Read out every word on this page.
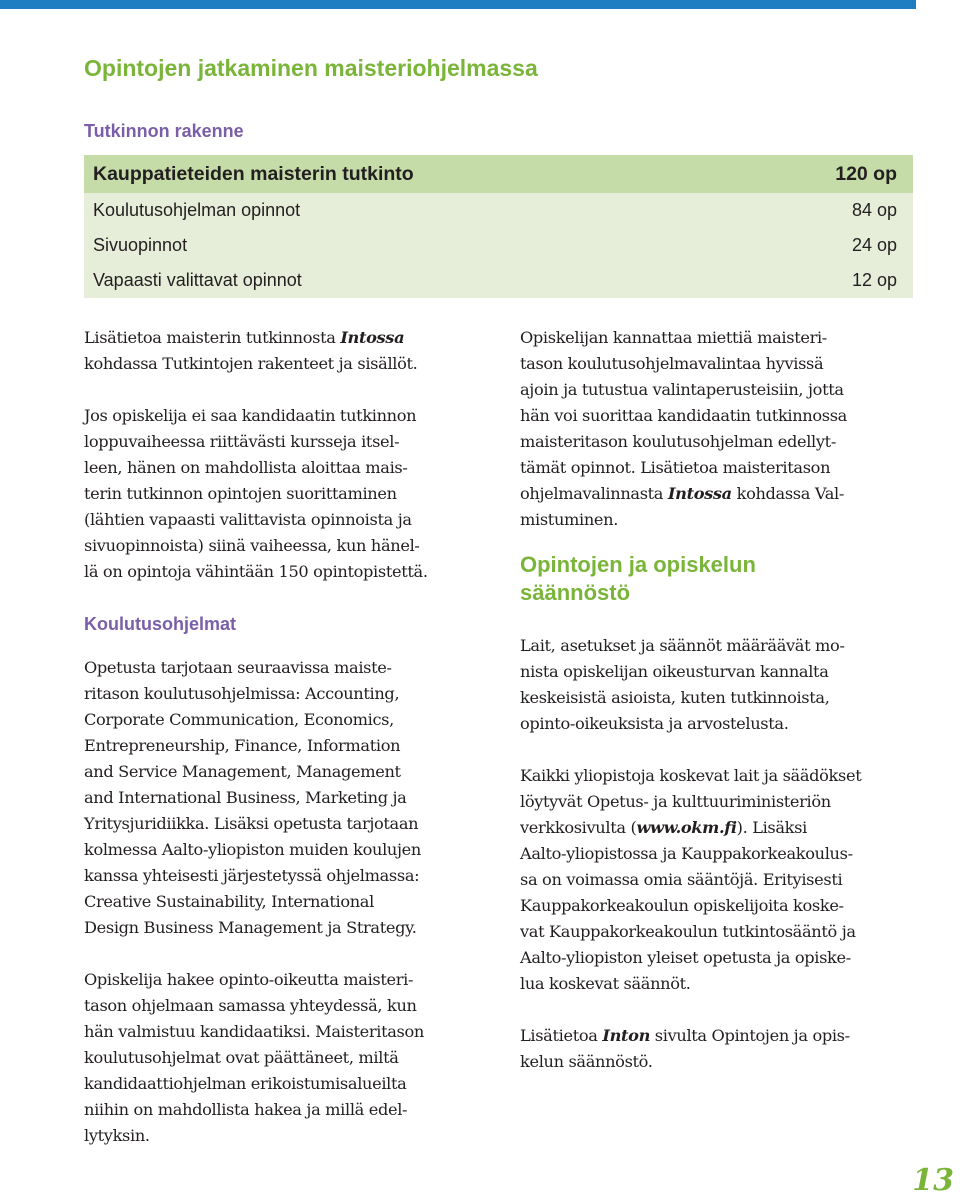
Opintojen jatkaminen maisteriohjelmassa
Tutkinnon rakenne
Kauppatieteiden maisterin tutkinto	120 op
Koulutusohjelman opinnot	84 op
Sivuopinnot	24 op
Vapaasti valittavat opinnot	12 op

Lisätietoa maisterin tutkinnosta Intossa
kohdassa Tutkintojen rakenteet ja sisällöt.

Jos opiskelija ei saa kandidaatin tutkinnon
loppuvaiheessa riittävästi kursseja itsel-
leen, hänen on mahdollista aloittaa mais-
terin tutkinnon opintojen suorittaminen
(lähtien vapaasti valittavista opinnoista ja
sivuopinnoista) siinä vaiheessa, kun hänel-
lä on opintoja vähintään 150 opintopistettä.

Koulutusohjelmat

Opetusta tarjotaan seuraavissa maiste-
ritason koulutusohjelmissa: Accounting,
Corporate Communication, Economics,
Entrepreneurship, Finance, Information
and Service Management, Management
and International Business, Marketing ja
Yritysjuridiikka. Lisäksi opetusta tarjotaan
kolmessa Aalto-yliopiston muiden koulujen
kanssa yhteisesti järjestetyssä ohjelmassa:
Creative Sustainability, International
Design Business Management ja Strategy.

Opiskelija hakee opinto-oikeutta maisteri-
tason ohjelmaan samassa yhteydessä, kun
hän valmistuu kandidaatiksi. Maisteritason
koulutusohjelmat ovat päättäneet, miltä
kandidaattiohjelman erikoistumisalueilta
niihin on mahdollista hakea ja millä edel-
lytyksin.

Opiskelijan kannattaa miettiä maisteri-
tason koulutusohjelmavalintaa hyvissä
ajoin ja tutustua valintaperusteisiin, jotta
hän voi suorittaa kandidaatin tutkinnossa
maisteritason koulutusohjelman edellyt-
tämät opinnot. Lisätietoa maisteritason
ohjelmavalinnasta Intossa kohdassa Val-
mistuminen.

Opintojen ja opiskelun
säännöstö

Lait, asetukset ja säännöt määräävät mo-
nista opiskelijan oikeusturvan kannalta
keskeisistä asioista, kuten tutkinnoista,
opinto-oikeuksista ja arvostelusta.

Kaikki yliopistoja koskevat lait ja säädökset
löytyvät Opetus- ja kulttuuriministeriön
verkkosivulta (www.okm.fi). Lisäksi
Aalto-yliopistossa ja Kauppakorkeakoulus-
sa on voimassa omia sääntöjä. Erityisesti
Kauppakorkeakoulun opiskelijoita koske-
vat Kauppakorkeakoulun tutkintosääntö ja
Aalto-yliopiston yleiset opetusta ja opiske-
lua koskevat säännöt.

Lisätietoa Inton sivulta Opintojen ja opis-
kelun säännöstö.

13
